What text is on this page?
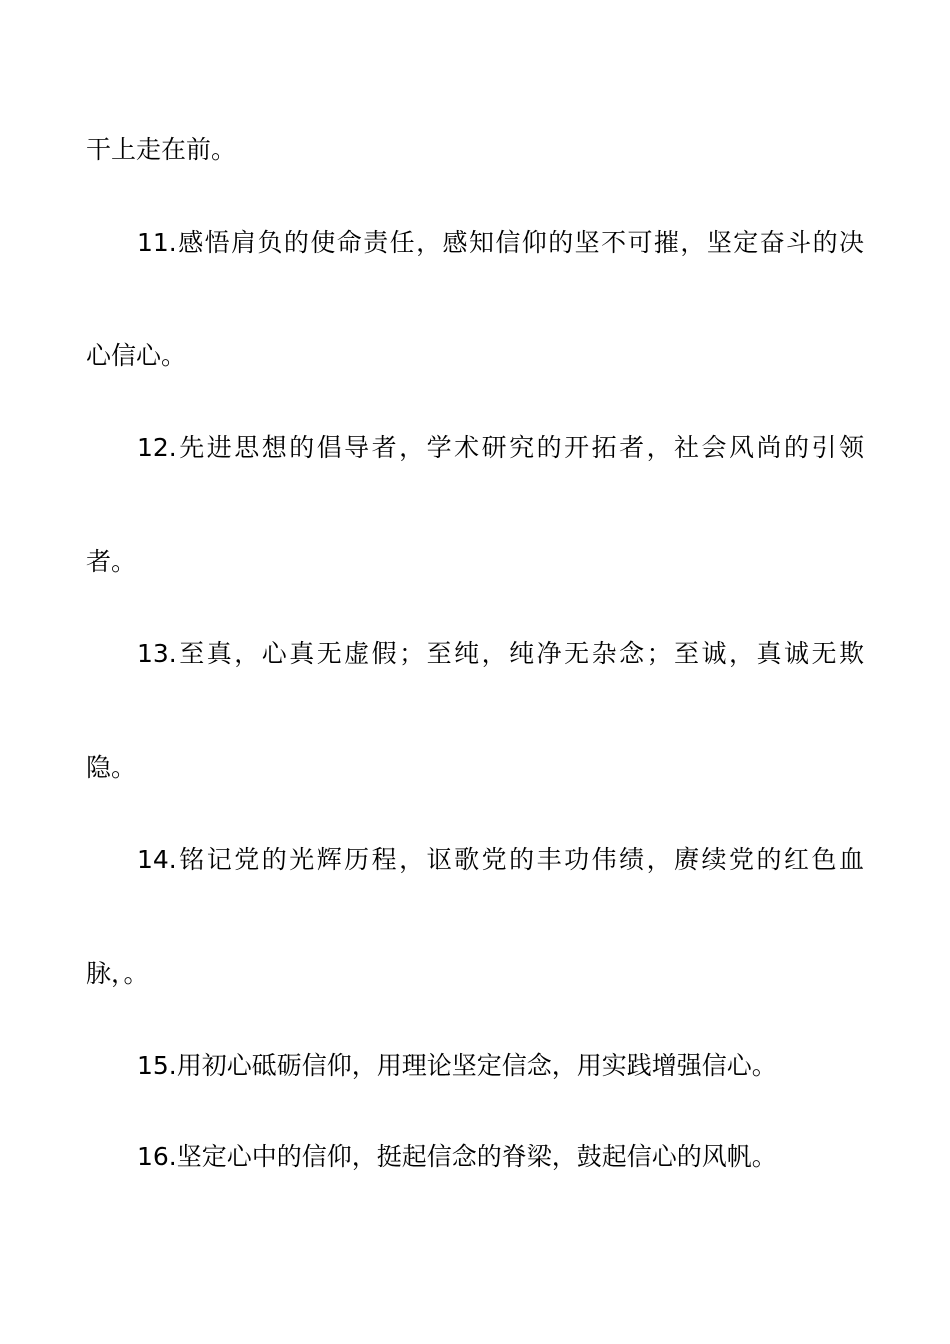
干上走在前。
11.感悟肩负的使命责任，感知信仰的坚不可摧，坚定奋斗的决
心信心。
12.先进思想的倡导者，学术研究的开拓者，社会风尚的引领
者。
13.至真，心真无虚假；至纯，纯净无杂念；至诚，真诚无欺
隐。
14.铭记党的光辉历程，讴歌党的丰功伟绩，赓续党的红色血
脉，。
15.用初心砥砺信仰，用理论坚定信念，用实践增强信心。
16.坚定心中的信仰，挺起信念的脊梁，鼓起信心的风帆。
